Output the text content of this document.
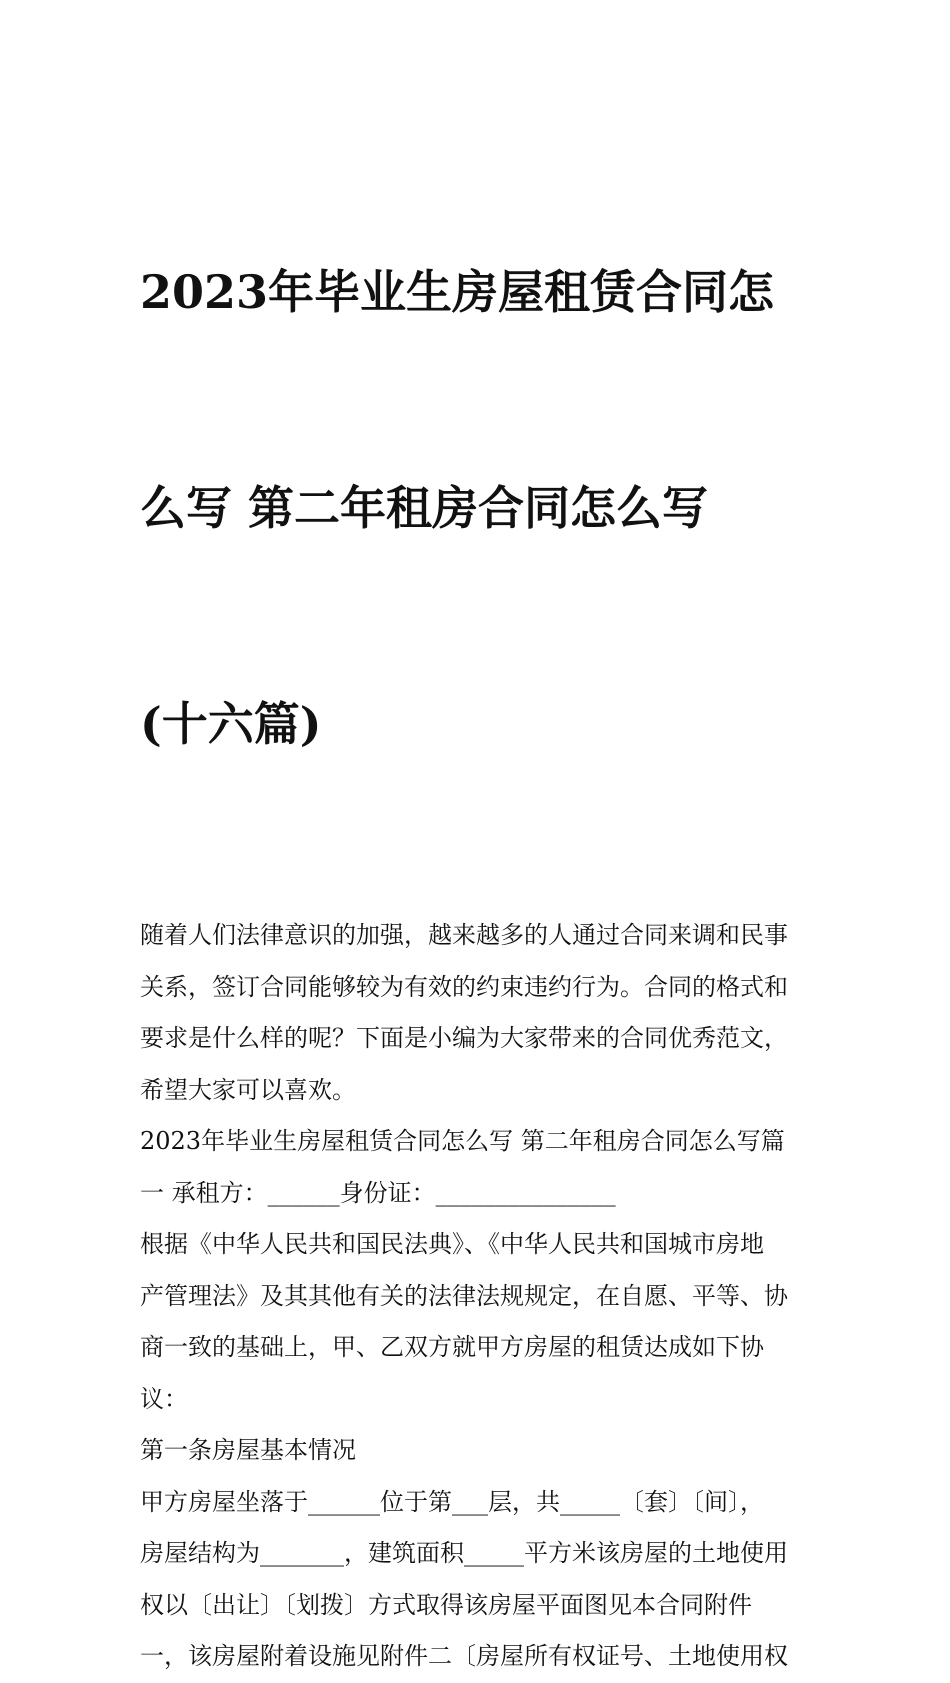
2023年毕业生房屋租赁合同怎

么写 第二年租房合同怎么写

(十六篇)

随着人们法律意识的加强，越来越多的人通过合同来调和民事
关系，签订合同能够较为有效的约束违约行为。合同的格式和
要求是什么样的呢？下面是小编为大家带来的合同优秀范文，
希望大家可以喜欢。
2023年毕业生房屋租赁合同怎么写 第二年租房合同怎么写篇
一 承租方：______身份证：_______________
根据《中华人民共和国民法典》、《中华人民共和国城市房地
产管理法》及其其他有关的法律法规规定，在自愿、平等、协
商一致的基础上，甲、乙双方就甲方房屋的租赁达成如下协
议：
第一条房屋基本情况
甲方房屋坐落于______位于第___层，共_____〔套〕〔间〕，
房屋结构为_______，建筑面积_____平方米该房屋的土地使用
权以〔出让〕〔划拨〕方式取得该房屋平面图见本合同附件
一，该房屋附着设施见附件二〔房屋所有权证号、土地使用权
